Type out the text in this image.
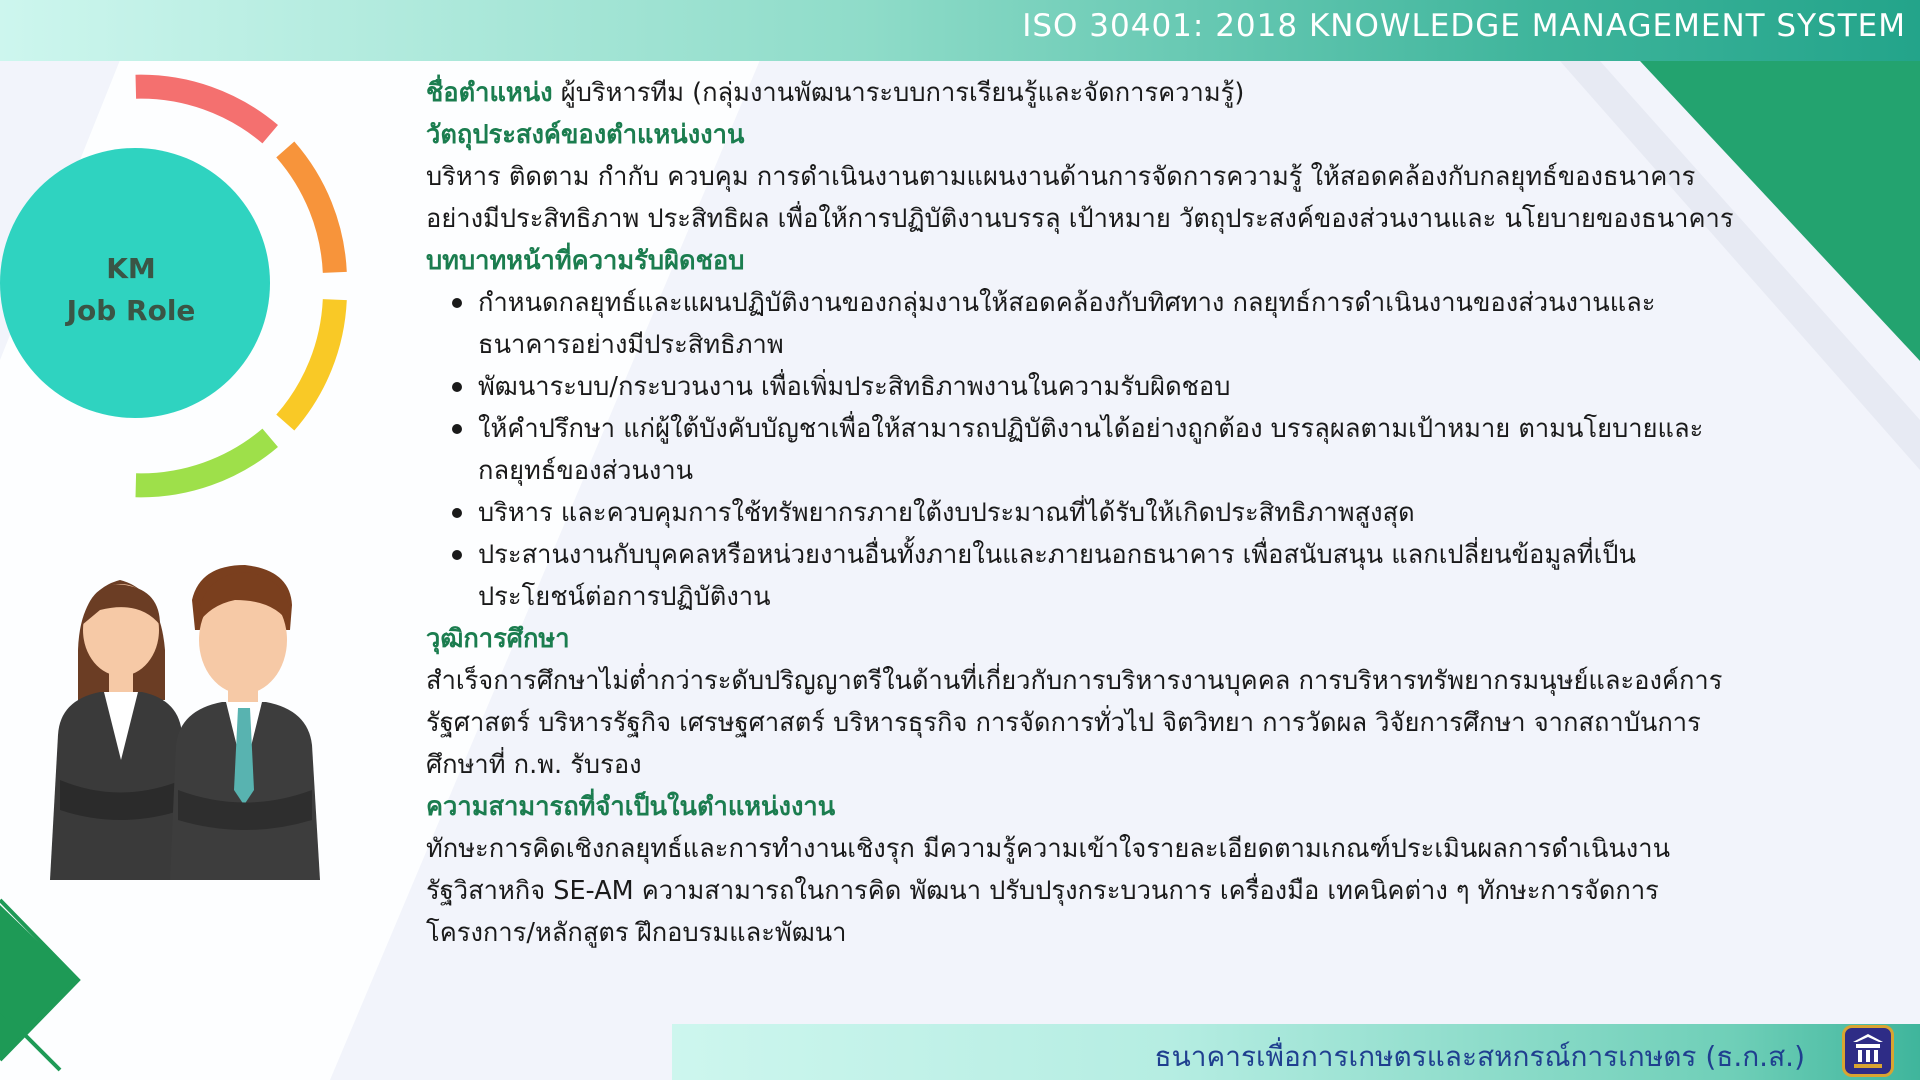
ISO 30401: 2018 KNOWLEDGE MANAGEMENT SYSTEM
KM
Job Role

ชื่อตำแหน่ง ผู้บริหารทีม (กลุ่มงานพัฒนาระบบการเรียนรู้และจัดการความรู้)

วัตถุประสงค์ของตำแหน่งงาน

บริหาร ติดตาม กำกับ ควบคุม การดำเนินงานตามแผนงานด้านการจัดการความรู้ ให้สอดคล้องกับกลยุทธ์ของธนาคาร

อย่างมีประสิทธิภาพ ประสิทธิผล เพื่อให้การปฏิบัติงานบรรลุ เป้าหมาย วัตถุประสงค์ของส่วนงานและ นโยบายของธนาคาร

บทบาทหน้าที่ความรับผิดชอบ

กำหนดกลยุทธ์และแผนปฏิบัติงานของกลุ่มงานให้สอดคล้องกับทิศทาง กลยุทธ์การดำเนินงานของส่วนงานและ
ธนาคารอย่างมีประสิทธิภาพ
พัฒนาระบบ/กระบวนงาน เพื่อเพิ่มประสิทธิภาพงานในความรับผิดชอบ
ให้คำปรึกษา แก่ผู้ใต้บังคับบัญชาเพื่อให้สามารถปฏิบัติงานได้อย่างถูกต้อง บรรลุผลตามเป้าหมาย ตามนโยบายและ
กลยุทธ์ของส่วนงาน
บริหาร และควบคุมการใช้ทรัพยากรภายใต้งบประมาณที่ได้รับให้เกิดประสิทธิภาพสูงสุด
ประสานงานกับบุคคลหรือหน่วยงานอื่นทั้งภายในและภายนอกธนาคาร เพื่อสนับสนุน แลกเปลี่ยนข้อมูลที่เป็น
ประโยชน์ต่อการปฏิบัติงาน

วุฒิการศึกษา

สำเร็จการศึกษาไม่ต่ำกว่าระดับปริญญาตรีในด้านที่เกี่ยวกับการบริหารงานบุคคล การบริหารทรัพยากรมนุษย์และองค์การ

รัฐศาสตร์ บริหารรัฐกิจ เศรษฐศาสตร์ บริหารธุรกิจ การจัดการทั่วไป จิตวิทยา การวัดผล วิจัยการศึกษา จากสถาบันการ

ศึกษาที่ ก.พ. รับรอง

ความสามารถที่จำเป็นในตำแหน่งงาน

ทักษะการคิดเชิงกลยุทธ์และการทำงานเชิงรุก มีความรู้ความเข้าใจรายละเอียดตามเกณฑ์ประเมินผลการดำเนินงาน

รัฐวิสาหกิจ SE-AM ความสามารถในการคิด พัฒนา ปรับปรุงกระบวนการ เครื่องมือ เทคนิคต่าง ๆ ทักษะการจัดการ

โครงการ/หลักสูตร ฝึกอบรมและพัฒนา

ธนาคารเพื่อการเกษตรและสหกรณ์การเกษตร (ธ.ก.ส.)
